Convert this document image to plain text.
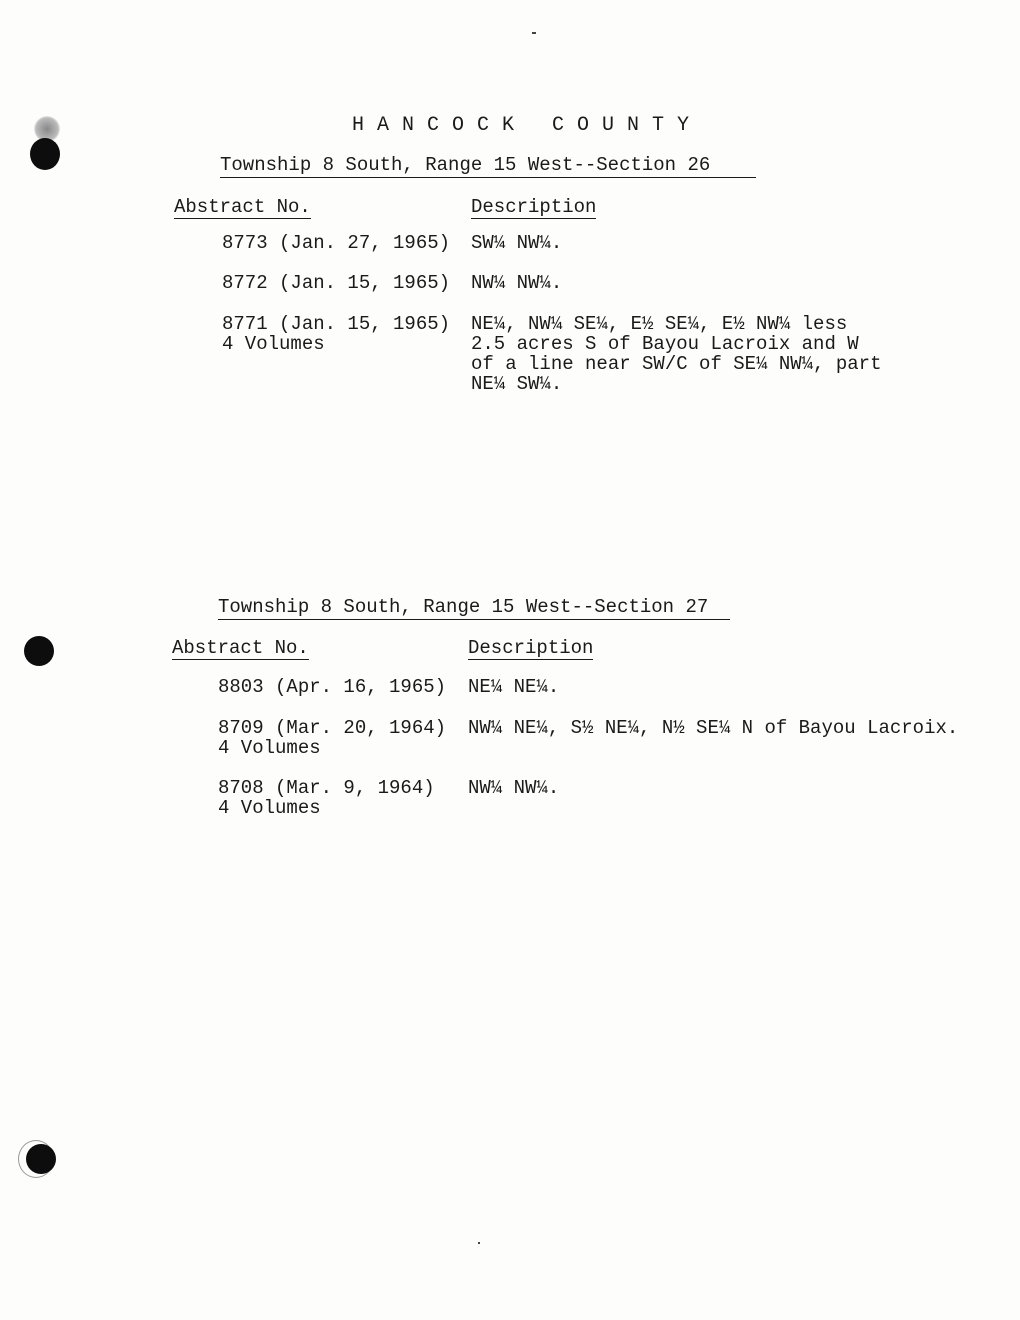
HANCOCK COUNTY
Township 8 South, Range 15 West--Section 26
Abstract No.	Description
8773 (Jan. 27, 1965) SW¼ NW¼.
8772 (Jan. 15, 1965) NW¼ NW¼.
8771 (Jan. 15, 1965)
4 Volumes
NE¼, NW¼ SE¼, E½ SE¼, E½ NW¼ less
2.5 acres S of Bayou Lacroix and W
of a line near SW/C of SE¼ NW¼, part
NE¼ SW¼.
Township 8 South, Range 15 West--Section 27
Abstract No.	Description
8803 (Apr. 16, 1965) NE¼ NE¼.
8709 (Mar. 20, 1964)
4 Volumes
NW¼ NE¼, S½ NE¼, N½ SE¼ N of Bayou Lacroix.
8708 (Mar. 9, 1964)
4 Volumes
NW¼ NW¼.
